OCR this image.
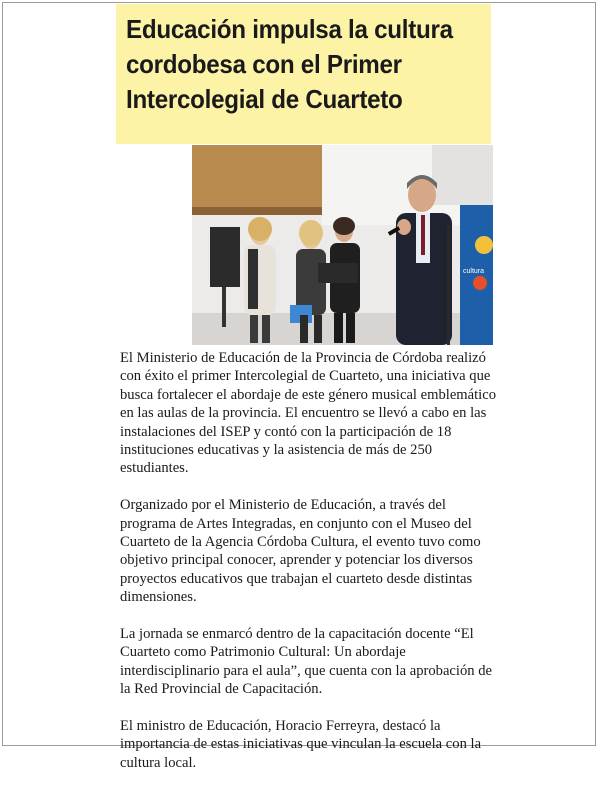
Educación impulsa la cultura cordobesa con el Primer Intercolegial de Cuarteto
cultura

El Ministerio de Educación de la Provincia de Córdoba realizó con éxito el primer Intercolegial de Cuarteto, una iniciativa que busca fortalecer el abordaje de este género musical emblemático en las aulas de la provincia. El encuentro se llevó a cabo en las instalaciones del ISEP y contó con la participación de 18 instituciones educativas y la asistencia de más de 250 estudiantes.

Organizado por el Ministerio de Educación, a través del programa de Artes Integradas, en conjunto con el Museo del Cuarteto de la Agencia Córdoba Cultura, el evento tuvo como objetivo principal conocer, aprender y potenciar los diversos proyectos educativos que trabajan el cuarteto desde distintas dimensiones.

La jornada se enmarcó dentro de la capacitación docente “El Cuarteto como Patrimonio Cultural: Un abordaje interdisciplinario para el aula”, que cuenta con la aprobación de la Red Provincial de Capacitación.

El ministro de Educación, Horacio Ferreyra, destacó la importancia de estas iniciativas que vinculan la escuela con la cultura local.
